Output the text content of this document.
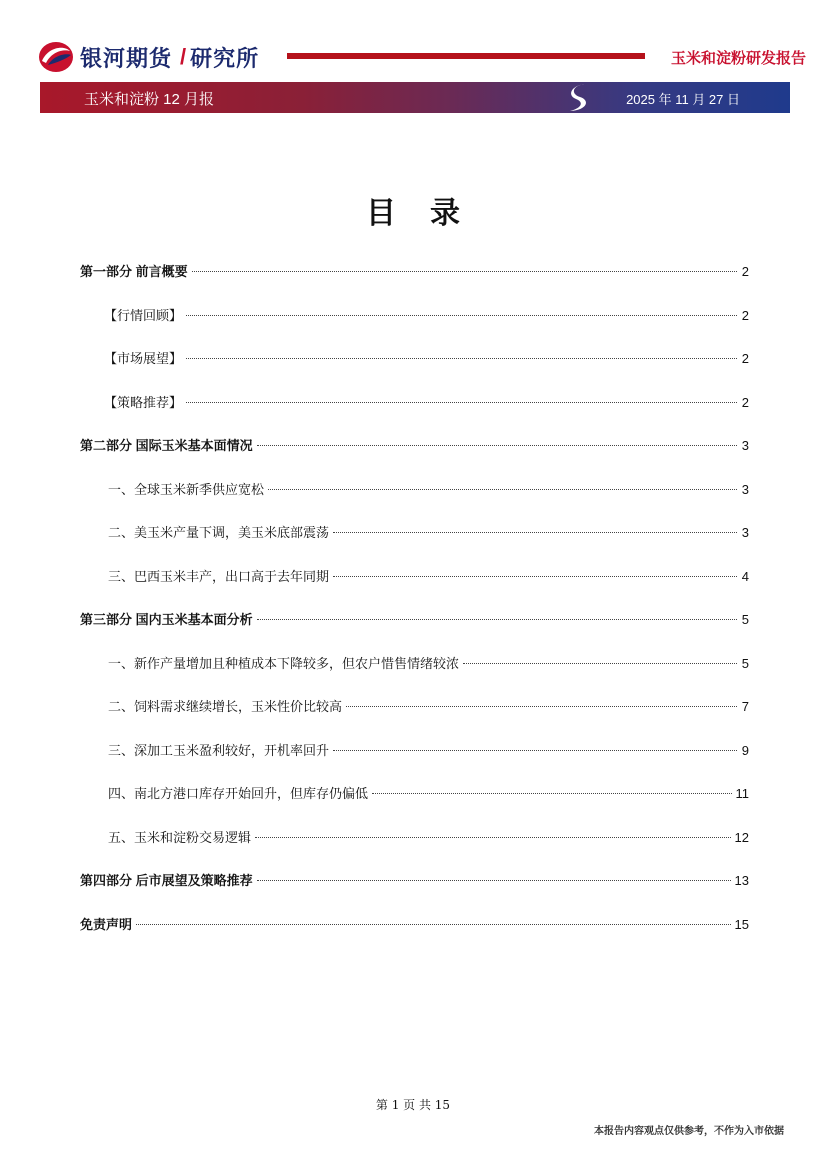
银河期货 / 研究所	玉米和淀粉研发报告
玉米和淀粉 12 月报	2025 年 11 月 27 日
目录
第一部分 前言概要	2
【行情回顾】	2
【市场展望】	2
【策略推荐】	2
第二部分 国际玉米基本面情况	3
一、全球玉米新季供应宽松	3
二、美玉米产量下调，美玉米底部震荡	3
三、巴西玉米丰产，出口高于去年同期	4
第三部分 国内玉米基本面分析	5
一、新作产量增加且种植成本下降较多，但农户惜售情绪较浓	5
二、饲料需求继续增长，玉米性价比较高	7
三、深加工玉米盈利较好，开机率回升	9
四、南北方港口库存开始回升，但库存仍偏低	11
五、玉米和淀粉交易逻辑	12
第四部分 后市展望及策略推荐	13
免责声明	15
第 1 页 共 15
本报告内容观点仅供参考，不作为入市依据
